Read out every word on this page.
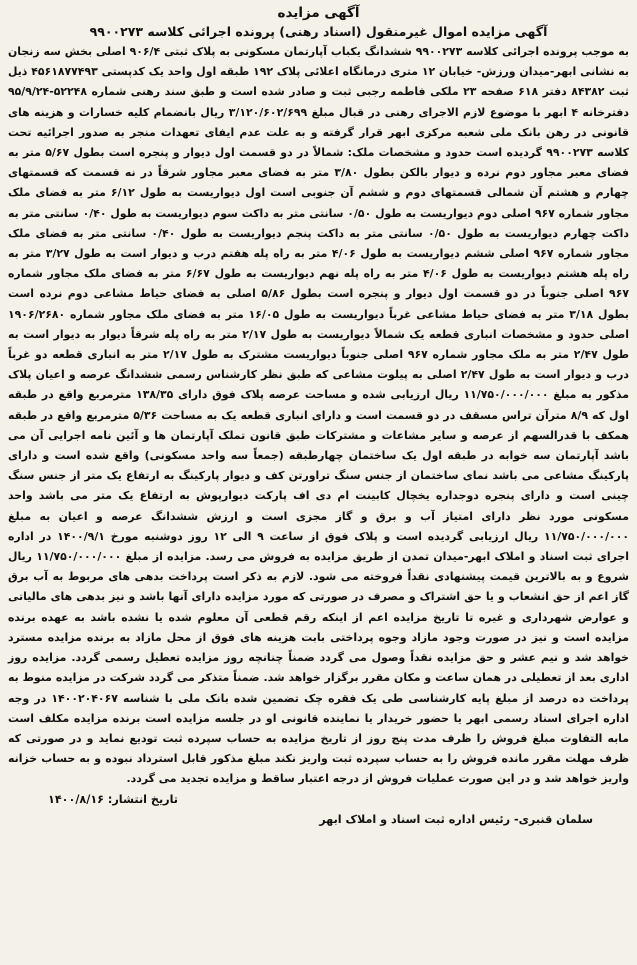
آگهی مزایده

آگهی مزایده اموال غیرمنقول (اسناد رهنی) پرونده اجرائی کلاسه ۹۹۰۰۲۷۳

به موجب پرونده اجرائی کلاسه ۹۹۰۰۲۷۳ ششدانگ یکباب آپارتمان مسکونی به پلاک ثبتی ۹۰۶/۴ اصلی بخش سه زنجان به نشانی ابهر-میدان ورزش- خیابان ۱۲ متری درمانگاه اعلائی پلاک ۱۹۲ طبقه اول واحد یک کدپستی ۴۵۶۱۸۷۷۴۹۳ ذیل ثبت ۸۴۳۸۲ دفتر ۶۱۸ صفحه ۲۳ ملکی فاطمه رجبی ثبت و صادر شده است و طبق سند رهنی شماره ۵۲۲۴۸-۹۵/۹/۲۴ دفترخانه ۴ ابهر با موضوع لازم الاجرای رهنی در قبال مبلغ ۳/۱۲۰/۶۰۲/۶۹۹ ریال بانضمام کلیه خسارات و هزینه های قانونی در رهن بانک ملی شعبه مرکزی ابهر قرار گرفته و به علت عدم ایفای تعهدات منجر به صدور اجرائیه تحت کلاسه ۹۹۰۰۲۷۳ گردیده است حدود و مشخصات ملک: شمالاً در دو قسمت اول دیوار و پنجره است بطول ۵/۶۷ متر به فضای معبر مجاور دوم نرده و دیوار بالکن بطول ۳/۸۰ متر به فضای معبر مجاور شرقاً در نه قسمت که قسمتهای چهارم و هشتم آن شمالی قسمتهای دوم و ششم آن جنوبی است اول دیواریست به طول ۶/۱۲ متر به فضای ملک مجاور شماره ۹۶۷ اصلی دوم دیواریست به طول ۰/۵۰ سانتی متر به داکت سوم دیواریست به طول ۰/۴۰ سانتی متر به داکت چهارم دیواریست به طول ۰/۵۰ سانتی متر به داکت پنجم دیواریست به طول ۰/۴۰ سانتی متر به فضای ملک مجاور شماره ۹۶۷ اصلی ششم دیواریست به طول ۴/۰۶ متر به راه پله هفتم درب و دیوار است به طول ۳/۲۷ متر به راه پله هشتم دیواریست به طول ۴/۰۶ متر به راه پله نهم دیواریست به طول ۶/۶۷ متر به فضای ملک مجاور شماره ۹۶۷ اصلی جنوباً در دو قسمت اول دیوار و پنجره است بطول ۵/۸۶ اصلی به فضای حیاط مشاعی دوم نرده است بطول ۳/۱۸ متر به فضای حیاط مشاعی غرباً دیواریست به طول ۱۶/۰۵ متر به فضای ملک مجاور شماره ۱۹۰۶/۲۶۸۰ اصلی حدود و مشخصات انباری قطعه یک شمالاً دیواریست به طول ۲/۱۷ متر به راه پله شرقاً دیوار به دیوار است به طول ۲/۴۷ متر به ملک مجاور شماره ۹۶۷ اصلی جنوباً دیواریست مشترک به طول ۲/۱۷ متر به انباری قطعه دو غرباً درب و دیوار است به طول ۲/۴۷ اصلی به پیلوت مشاعی که طبق نظر کارشناس رسمی ششدانگ عرصه و اعیان پلاک مذکور به مبلغ ۱۱/۷۵۰/۰۰۰/۰۰۰ ریال ارزیابی شده و مساحت عرصه پلاک فوق دارای ۱۳۸/۳۵ مترمربع واقع در طبقه اول که ۸/۹ مترآن تراس مسقف در دو قسمت است و دارای انباری قطعه یک به مساحت ۵/۳۶ مترمربع واقع در طبقه همکف با قدرالسهم از عرصه و سایر مشاعات و مشترکات طبق قانون تملک آپارتمان ها و آئین نامه اجرایی آن می باشد آپارتمان سه خوابه در طبقه اول یک ساختمان چهارطبقه (جمعاً سه واحد مسکونی) واقع شده است و دارای پارکینگ مشاعی می باشد نمای ساختمان از جنس سنگ تراورتن کف و دیوار پارکینگ به ارتفاع یک متر از جنس سنگ چینی است و دارای پنجره دوجداره یخچال کابینت ام دی اف پارکت دیوارپوش به ارتفاع یک متر می باشد واحد مسکونی مورد نظر دارای امتیاز آب و برق و گاز مجزی است و ارزش ششدانگ عرصه و اعیان به مبلغ ۱۱/۷۵۰/۰۰۰/۰۰۰ ریال ارزیابی گردیده است و پلاک فوق از ساعت ۹ الی ۱۲ روز دوشنبه مورخ ۱۴۰۰/۹/۱ در اداره اجرای ثبت اسناد و املاک ابهر-میدان تمدن از طریق مزایده به فروش می رسد. مزایده از مبلغ ۱۱/۷۵۰/۰۰۰/۰۰۰ ریال شروع و به بالاترین قیمت پیشنهادی نقداً فروخته می شود. لازم به ذکر است پرداخت بدهی های مربوط به آب برق گاز اعم از حق انشعاب و یا حق اشتراک و مصرف در صورتی که مورد مزایده دارای آنها باشد و نیز بدهی های مالیاتی و عوارض شهرداری و غیره تا تاریخ مزایده اعم از اینکه رقم قطعی آن معلوم شده یا نشده باشد به عهده برنده مزایده است و نیز در صورت وجود مازاد وجوه پرداختی بابت هزینه های فوق از محل مازاد به برنده مزایده مسترد خواهد شد و نیم عشر و حق مزایده نقداً وصول می گردد ضمناً چنانچه روز مزایده تعطیل رسمی گردد. مزایده روز اداری بعد از تعطیلی در همان ساعت و مکان مقرر برگزار خواهد شد. ضمناً متذکر می گردد شرکت در مزایده منوط به پرداخت ده درصد از مبلغ پایه کارشناسی طی یک فقره چک تضمین شده بانک ملی با شناسه ۱۴۰۰۲۰۴۰۶۷ در وجه اداره اجرای اسناد رسمی ابهر یا حضور خریدار یا نماینده قانونی او در جلسه مزایده است برنده مزایده مکلف است مابه التفاوت مبلغ فروش را ظرف مدت پنج روز از تاریخ مزایده به حساب سپرده ثبت تودیع نماید و در صورتی که ظرف مهلت مقرر مانده فروش را به حساب سپرده ثبت واریز نکند مبلغ مذکور قابل استرداد نبوده و به حساب خزانه واریز خواهد شد و در این صورت عملیات فروش از درجه اعتبار ساقط و مزایده تجدید می گردد.

تاریخ انتشار: ۱۴۰۰/۸/۱۶
سلمان قنبری- رئیس اداره ثبت اسناد و املاک ابهر
